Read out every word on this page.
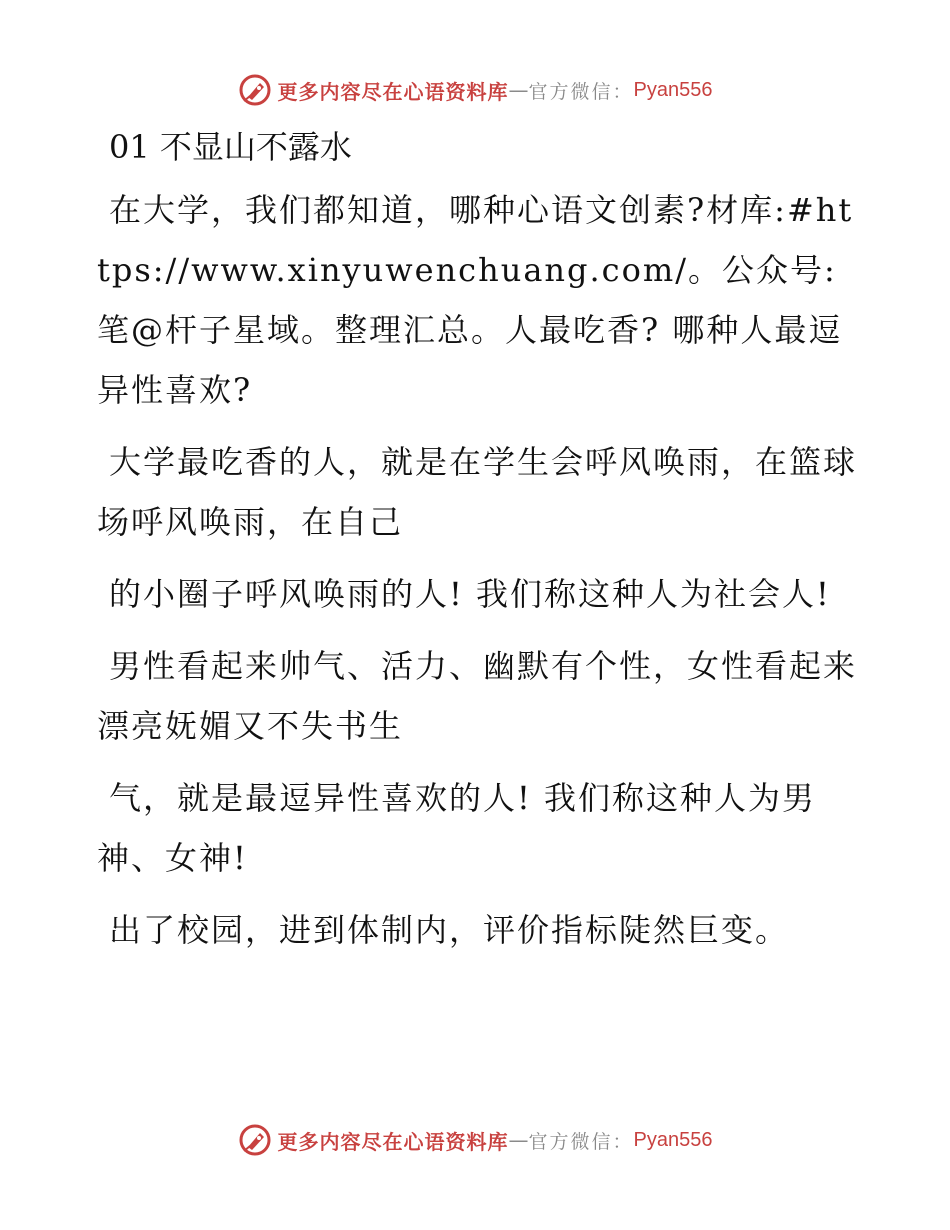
更多内容尽在心语资料库 — 官方微信： Pyan556
01 不显山不露水

在大学，我们都知道，哪种心语文创素?材库:#https://www.xinyuwenchuang.com/。公众号: 笔@杆子星域。整理汇总。人最吃香? 哪种人最逗异性喜欢?

大学最吃香的人，就是在学生会呼风唤雨，在篮球场呼风唤雨，在自己

的小圈子呼风唤雨的人! 我们称这种人为社会人!

男性看起来帅气、活力、幽默有个性，女性看起来漂亮妩媚又不失书生

气，就是最逗异性喜欢的人! 我们称这种人为男神、女神!

出了校园，进到体制内，评价指标陡然巨变。

更多内容尽在心语资料库 — 官方微信： Pyan556
